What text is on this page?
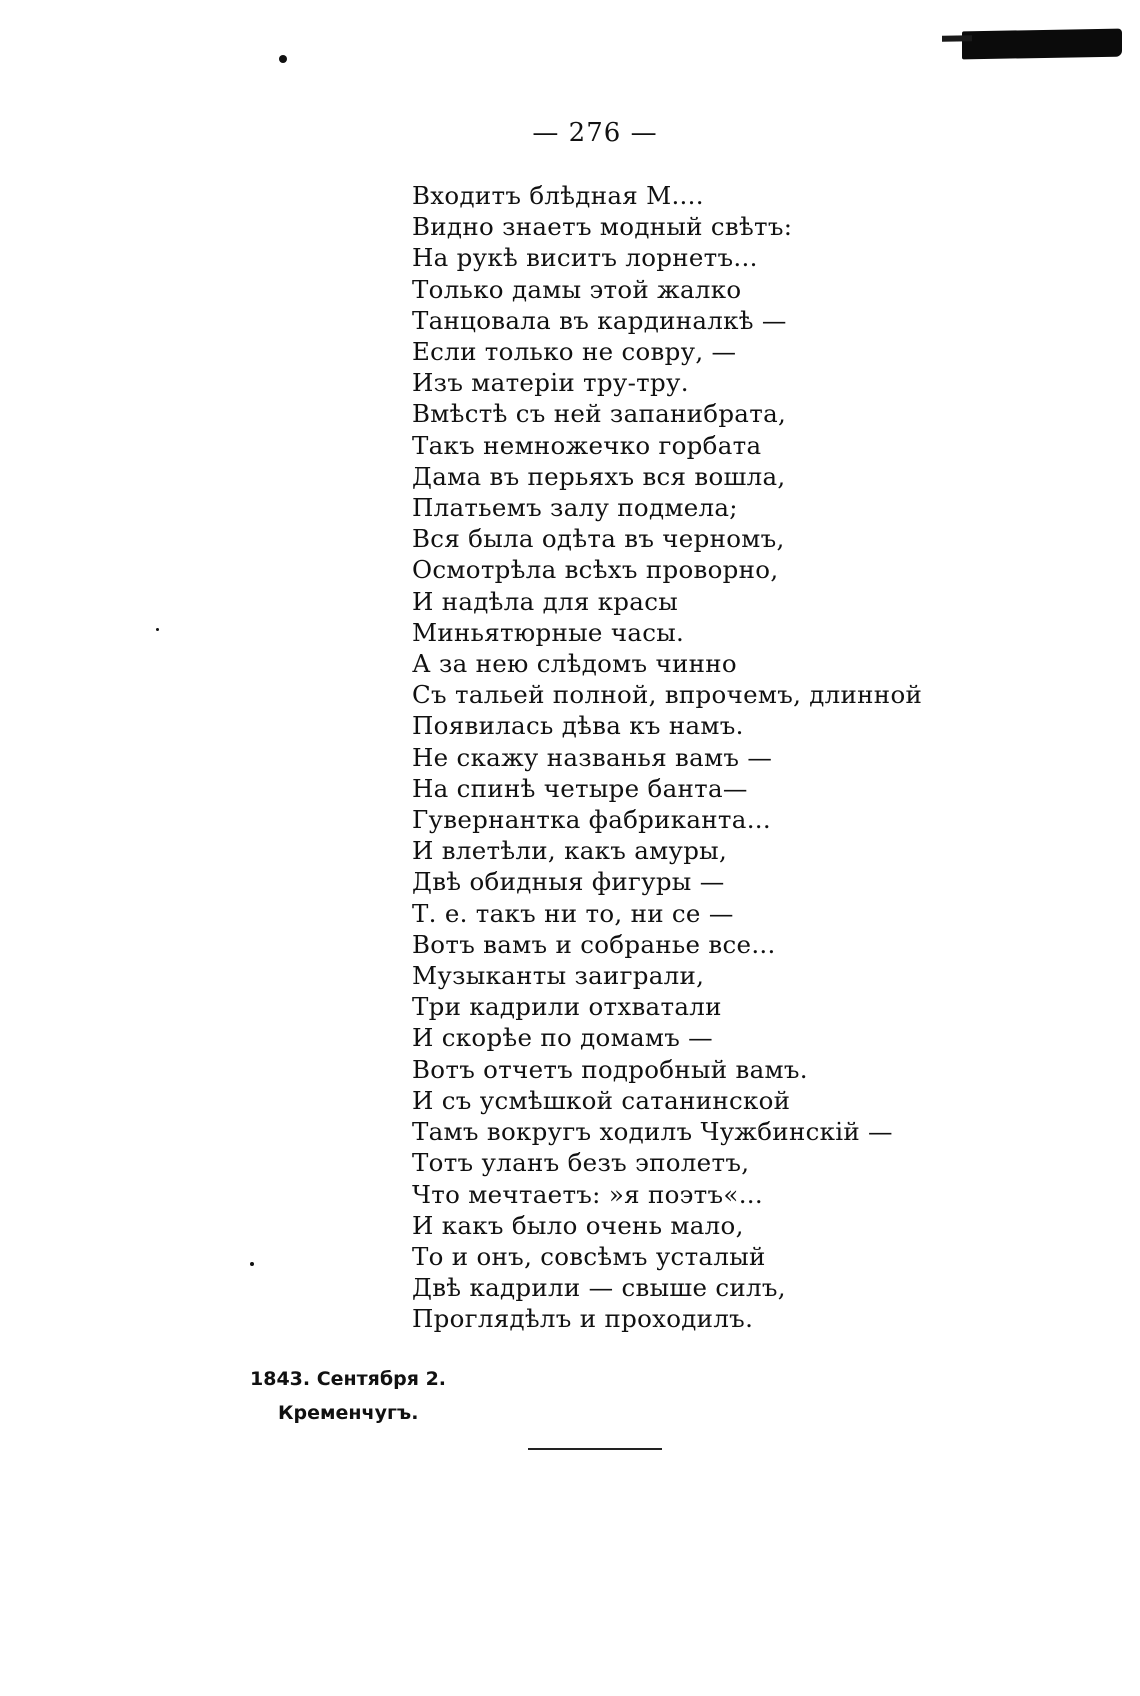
— 276 —
Входитъ блѣдная М....
Видно знаетъ модный свѣтъ:
На рукѣ виситъ лорнетъ...
Только дамы этой жалко
Танцовала въ кардиналкѣ —
Если только не совру, —
Изъ матеріи тру-тру.
Вмѣстѣ съ ней запанибрата,
Такъ немножечко горбата
Дама въ перьяхъ вся вошла,
Платьемъ залу подмела;
Вся была одѣта въ черномъ,
Осмотрѣла всѣхъ проворно,
И надѣла для красы
Миньятюрные часы.
А за нею слѣдомъ чинно
Съ тальей полной, впрочемъ, длинной
Появилась дѣва къ намъ.
Не скажу названья вамъ —
На спинѣ четыре банта—
Гувернантка фабриканта...
И влетѣли, какъ амуры,
Двѣ обидныя фигуры —
Т. е. такъ ни то, ни се —
Вотъ вамъ и собранье все...
Музыканты заиграли,
Три кадрили отхватали
И скорѣе по домамъ —
Вотъ отчетъ подробный вамъ.
И съ усмѣшкой сатанинской
Тамъ вокругъ ходилъ Чужбинскій —
Тотъ уланъ безъ эполетъ,
Что мечтаетъ: »я поэтъ«...
И какъ было очень мало,
То и онъ, совсѣмъ усталый
Двѣ кадрили — свыше силъ,
Проглядѣлъ и проходилъ.
1843. Сентября 2.
Кременчугъ.
